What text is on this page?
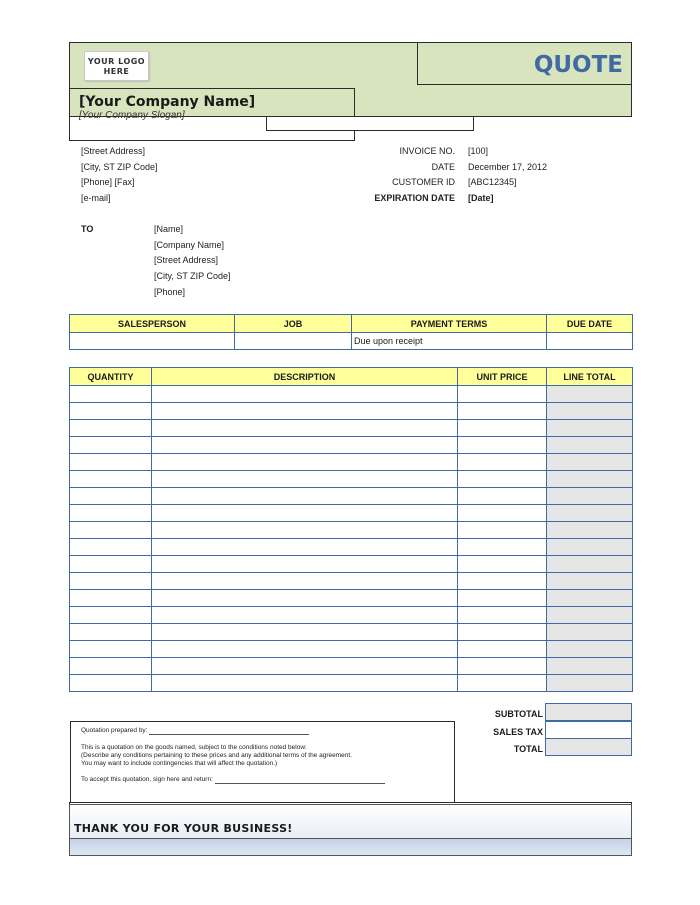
YOUR LOGO
HERE	QUOTE
[Your Company Name]
[Your Company Slogan]
[Street Address]
[City, ST ZIP Code]
[Phone] [Fax]
[e-mail]
INVOICE NO. [100]
DATE December 17, 2012
CUSTOMER ID [ABC12345]
EXPIRATION DATE [Date]
TO	[Name]
[Company Name]
[Street Address]
[City, ST ZIP Code]
[Phone]
SALESPERSON	JOB	PAYMENT TERMS	DUE DATE
		Due upon receipt	
QUANTITY	DESCRIPTION	UNIT PRICE	LINE TOTAL

SUBTOTAL
SALES TAX
TOTAL
Quotation prepared by:
This is a quotation on the goods named, subject to the conditions noted below:
(Describe any conditions pertaining to these prices and any additional terms of the agreement.
You may want to include contingencies that will affect the quotation.)
To accept this quotation, sign here and return:
THANK YOU FOR YOUR BUSINESS!
